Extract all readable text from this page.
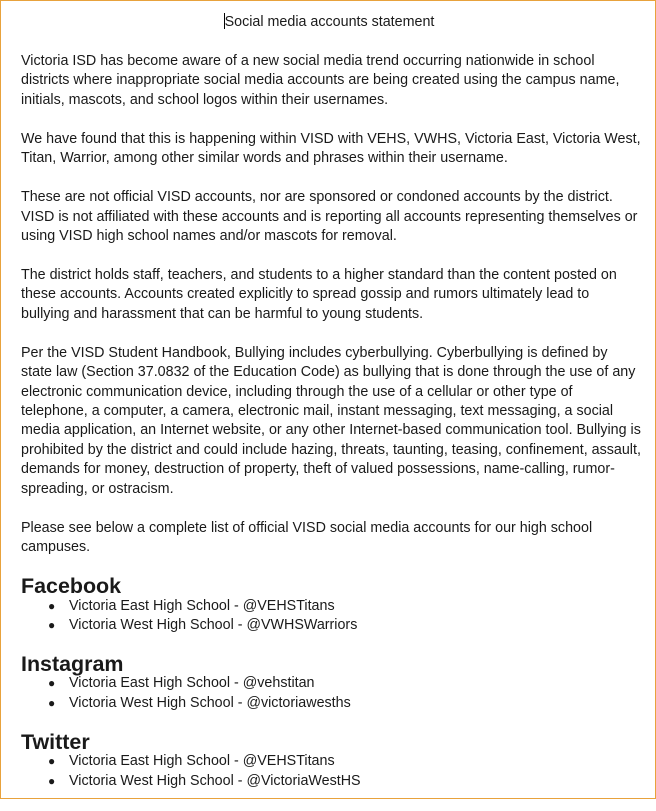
Social media accounts statement

Victoria ISD has become aware of a new social media trend occurring nationwide in school districts where inappropriate social media accounts are being created using the campus name, initials, mascots, and school logos within their usernames.

We have found that this is happening within VISD with VEHS, VWHS, Victoria East, Victoria West, Titan, Warrior, among other similar words and phrases within their username.

These are not official VISD accounts, nor are sponsored or condoned accounts by the district. VISD is not affiliated with these accounts and is reporting all accounts representing themselves or using VISD high school names and/or mascots for removal.

The district holds staff, teachers, and students to a higher standard than the content posted on these accounts. Accounts created explicitly to spread gossip and rumors ultimately lead to bullying and harassment that can be harmful to young students.

Per the VISD Student Handbook, Bullying includes cyberbullying. Cyberbullying is defined by state law (Section 37.0832 of the Education Code) as bullying that is done through the use of any electronic communication device, including through the use of a cellular or other type of telephone, a computer, a camera, electronic mail, instant messaging, text messaging, a social media application, an Internet website, or any other Internet-based communication tool. Bullying is prohibited by the district and could include hazing, threats, taunting, teasing, confinement, assault, demands for money, destruction of property, theft of valued possessions, name-calling, rumor-spreading, or ostracism.

Please see below a complete list of official VISD social media accounts for our high school campuses.

Facebook
● Victoria East High School - @VEHSTitans
● Victoria West High School - @VWHSWarriors
Instagram
● Victoria East High School - @vehstitan
● Victoria West High School - @victoriawesths
Twitter
● Victoria East High School - @VEHSTitans
● Victoria West High School - @VictoriaWestHS
